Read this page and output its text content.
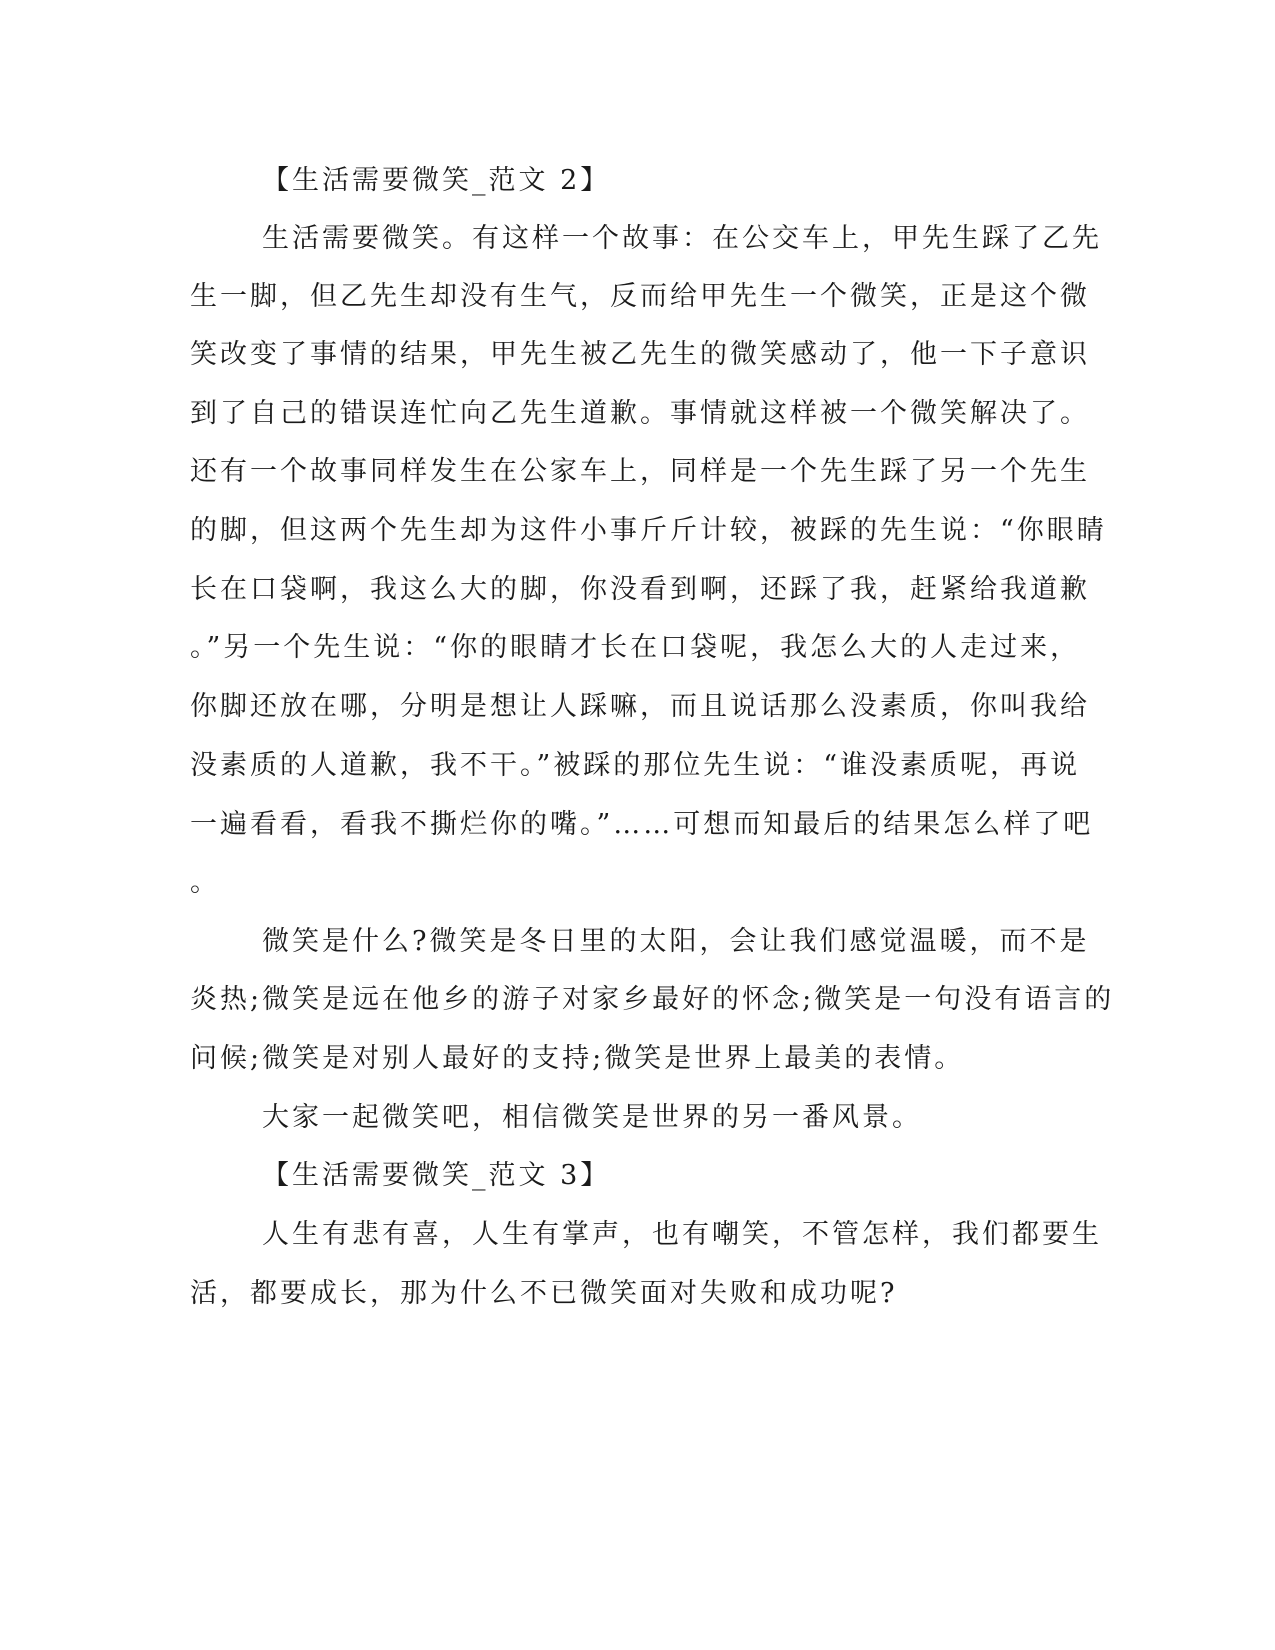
【生活需要微笑_范文 2】
生活需要微笑。有这样一个故事：在公交车上，甲先生踩了乙先
生一脚，但乙先生却没有生气，反而给甲先生一个微笑，正是这个微
笑改变了事情的结果，甲先生被乙先生的微笑感动了，他一下子意识
到了自己的错误连忙向乙先生道歉。事情就这样被一个微笑解决了。
还有一个故事同样发生在公家车上，同样是一个先生踩了另一个先生
的脚，但这两个先生却为这件小事斤斤计较，被踩的先生说：“你眼睛
长在口袋啊，我这么大的脚，你没看到啊，还踩了我，赶紧给我道歉
。”另一个先生说：“你的眼睛才长在口袋呢，我怎么大的人走过来，
你脚还放在哪，分明是想让人踩嘛，而且说话那么没素质，你叫我给
没素质的人道歉，我不干。”被踩的那位先生说：“谁没素质呢，再说
一遍看看，看我不撕烂你的嘴。”……可想而知最后的结果怎么样了吧
。
微笑是什么?微笑是冬日里的太阳，会让我们感觉温暖，而不是
炎热;微笑是远在他乡的游子对家乡最好的怀念;微笑是一句没有语言的
问候;微笑是对别人最好的支持;微笑是世界上最美的表情。
大家一起微笑吧，相信微笑是世界的另一番风景。
【生活需要微笑_范文 3】
人生有悲有喜，人生有掌声，也有嘲笑，不管怎样，我们都要生
活，都要成长，那为什么不已微笑面对失败和成功呢?
